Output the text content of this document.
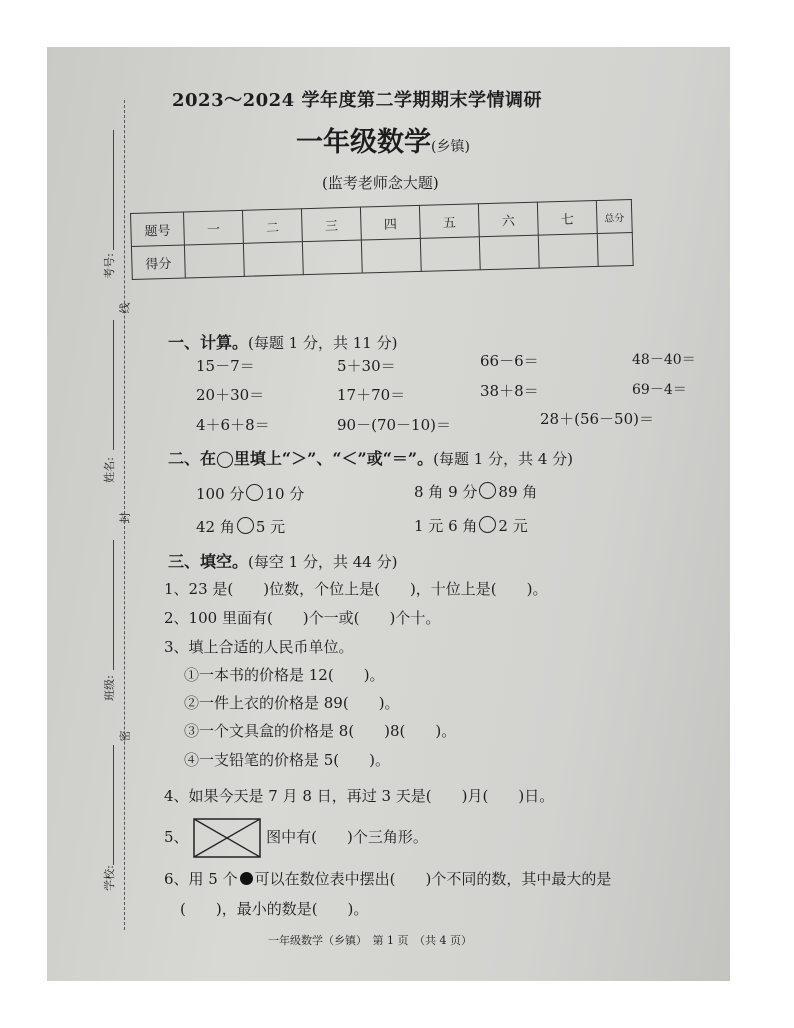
考号:
线
姓名:
封
班级:
密
学校:
2023～2024 学年度第二学期期末学情调研
一年级数学(乡镇)
(监考老师念大题)
题号	一	二	三	四	五	六	七	总分
得分								
一、计算。(每题 1 分，共 11 分)
15－7＝	5＋30＝	66－6＝	48－40＝
20＋30＝	17＋70＝	38＋8＝	69－4＝
4＋6＋8＝	90－(70－10)＝	28＋(56－50)＝
二、在◯里填上“＞”、“＜”或“＝”。(每题 1 分，共 4 分)
100 分 10 分	8 角 9 分 89 角
42 角 5 元	1 元 6 角 2 元
三、填空。(每空 1 分，共 44 分)
1、23 是(　　)位数，个位上是(　　)，十位上是(　　)。
2、100 里面有(　　)个一或(　　)个十。
3、填上合适的人民币单位。
①一本书的价格是 12(　　)。
②一件上衣的价格是 89(　　)。
③一个文具盒的价格是 8(　　)8(　　)。
④一支铅笔的价格是 5(　　)。
4、如果今天是 7 月 8 日，再过 3 天是(　　)月(　　)日。
5、	图中有(　　)个三角形。
6、用 5 个 可以在数位表中摆出(　　)个不同的数，其中最大的是
(　　)，最小的数是(　　)。
一年级数学（乡镇）　第 1 页　（共 4 页）
